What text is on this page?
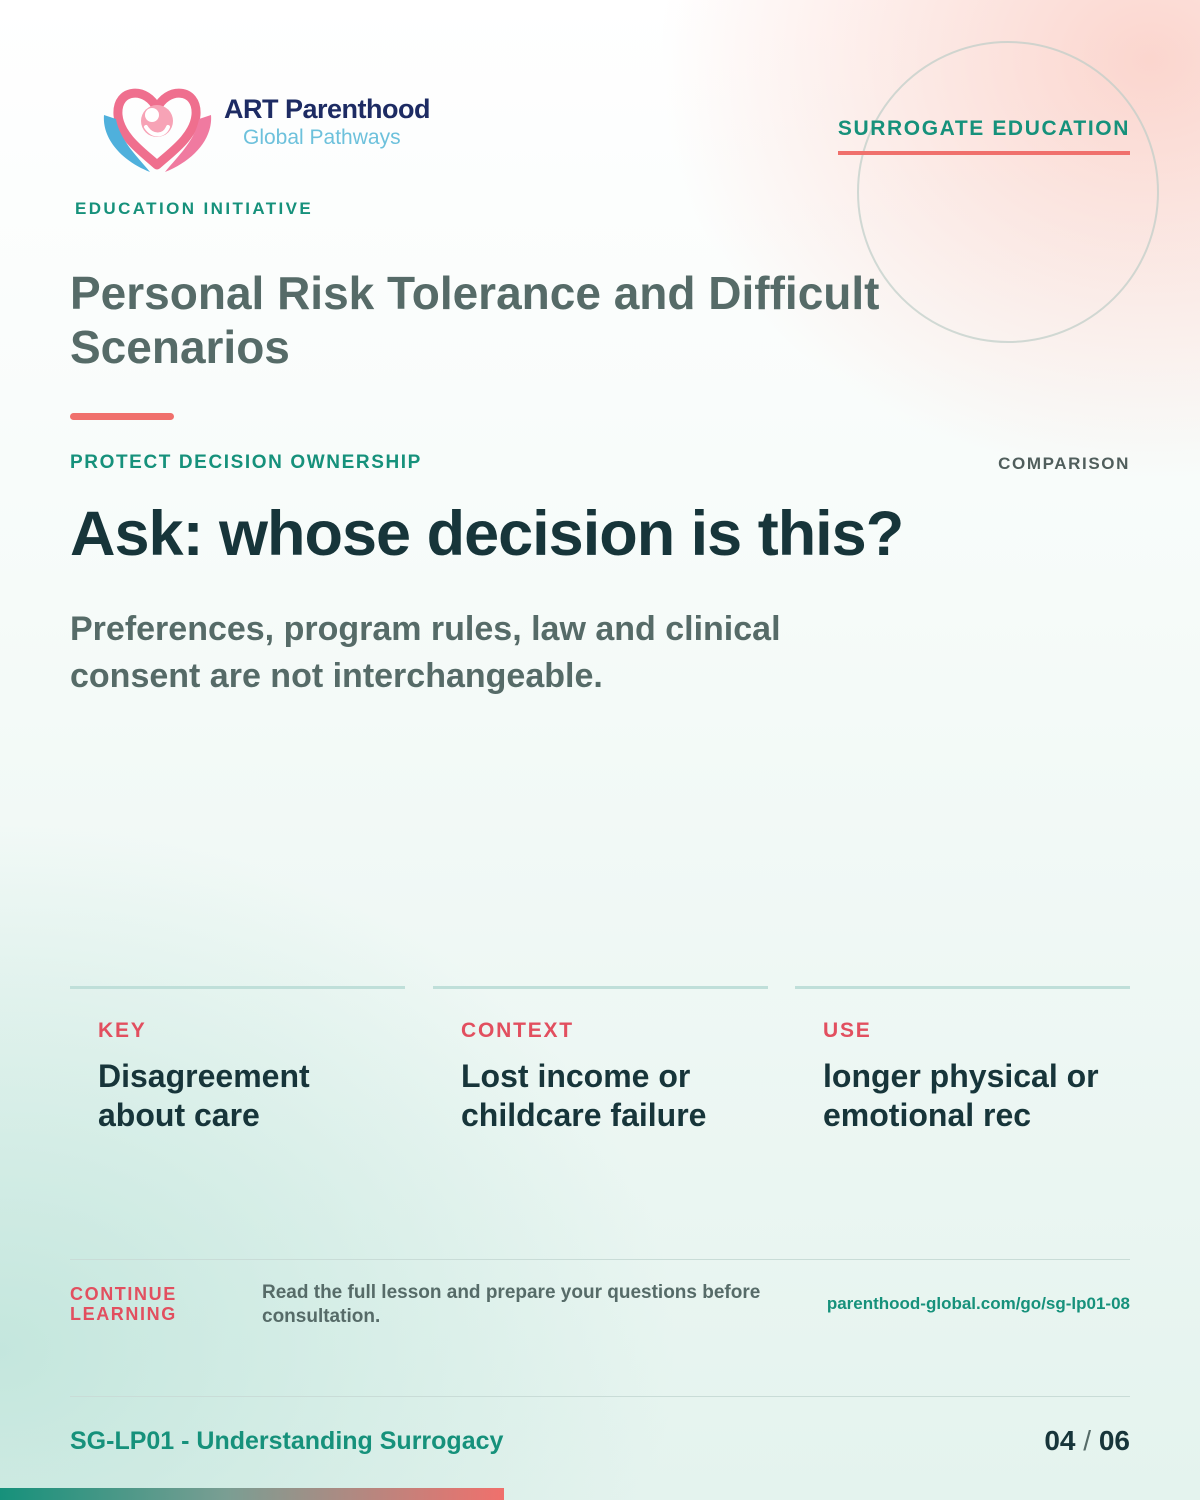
ART Parenthood
Global Pathways	SURROGATE EDUCATION
EDUCATION INITIATIVE
Personal Risk Tolerance and Difficult Scenarios
PROTECT DECISION OWNERSHIP	COMPARISON
Ask: whose decision is this?

Preferences, program rules, law and clinical consent are not interchangeable.

KEY
Disagreement about care
CONTEXT
Lost income or childcare failure
USE
longer physical or emotional rec
CONTINUE LEARNING
Read the full lesson and prepare your questions before consultation.
parenthood-global.com/go/sg-lp01-08
SG-LP01 - Understanding Surrogacy	04 / 06
